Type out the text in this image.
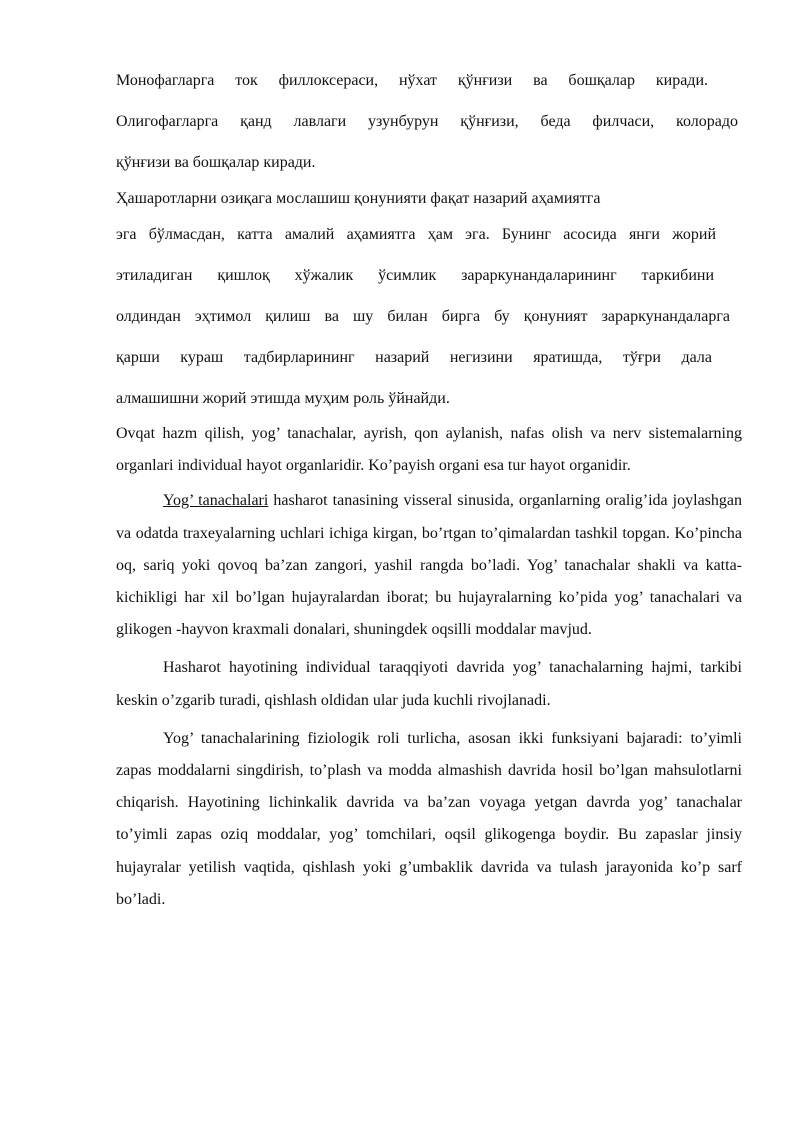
Монофагларга ток филлоксераси, нўхат қўнғизи ва бошқалар киради.
Олигофагларга қанд лавлаги узунбурун қўнғизи, беда филчаси, колорадо
қўнғизи ва бошқалар киради.
Ҳашаротларни озиқага мослашиш қонунияти фақат назарий аҳамиятга
эга бўлмасдан, катта амалий аҳамиятга ҳам эга. Бунинг асосида янги жорий
этиладиган қишлоқ хўжалик ўсимлик зараркунандаларининг таркибини
олдиндан эҳтимол қилиш ва шу билан бирга бу қонуният зараркунандаларга
қарши кураш тадбирларининг назарий негизини яратишда, тўғри дала
алмашишни жорий этишда муҳим роль ўйнайди.

Ovqat hazm qilish, yog’ tanachalar, ayrish, qon aylanish, nafas olish va nerv sistemalarning organlari individual hayot organlaridir. Ko’payish organi esa tur hayot organidir.

Yog’ tanachalari hasharot tanasining visseral sinusida, organlarning oralig’ida joylashgan va odatda traxeyalarning uchlari ichiga kirgan, bo’rtgan to’qimalardan tashkil topgan. Ko’pincha oq, sariq yoki qovoq ba’zan zangori, yashil rangda bo’ladi. Yog’ tanachalar shakli va katta-kichikligi har xil bo’lgan hujayralardan iborat; bu hujayralarning ko’pida yog’ tanachalari va glikogen -hayvon kraxmali donalari, shuningdek oqsilli moddalar mavjud.

Hasharot hayotining individual taraqqiyoti davrida yog’ tanachalarning hajmi, tarkibi keskin o’zgarib turadi, qishlash oldidan ular juda kuchli rivojlanadi.

Yog’ tanachalarining fiziologik roli turlicha, asosan ikki funksiyani bajaradi: to’yimli zapas moddalarni singdirish, to’plash va modda almashish davrida hosil bo’lgan mahsulotlarni chiqarish. Hayotining lichinkalik davrida va ba’zan voyaga yetgan davrda yog’ tanachalar to’yimli zapas oziq moddalar, yog’ tomchilari, oqsil glikogenga boydir. Bu zapaslar jinsiy hujayralar yetilish vaqtida, qishlash yoki g’umbaklik davrida va tulash jarayonida ko’p sarf bo’ladi.
